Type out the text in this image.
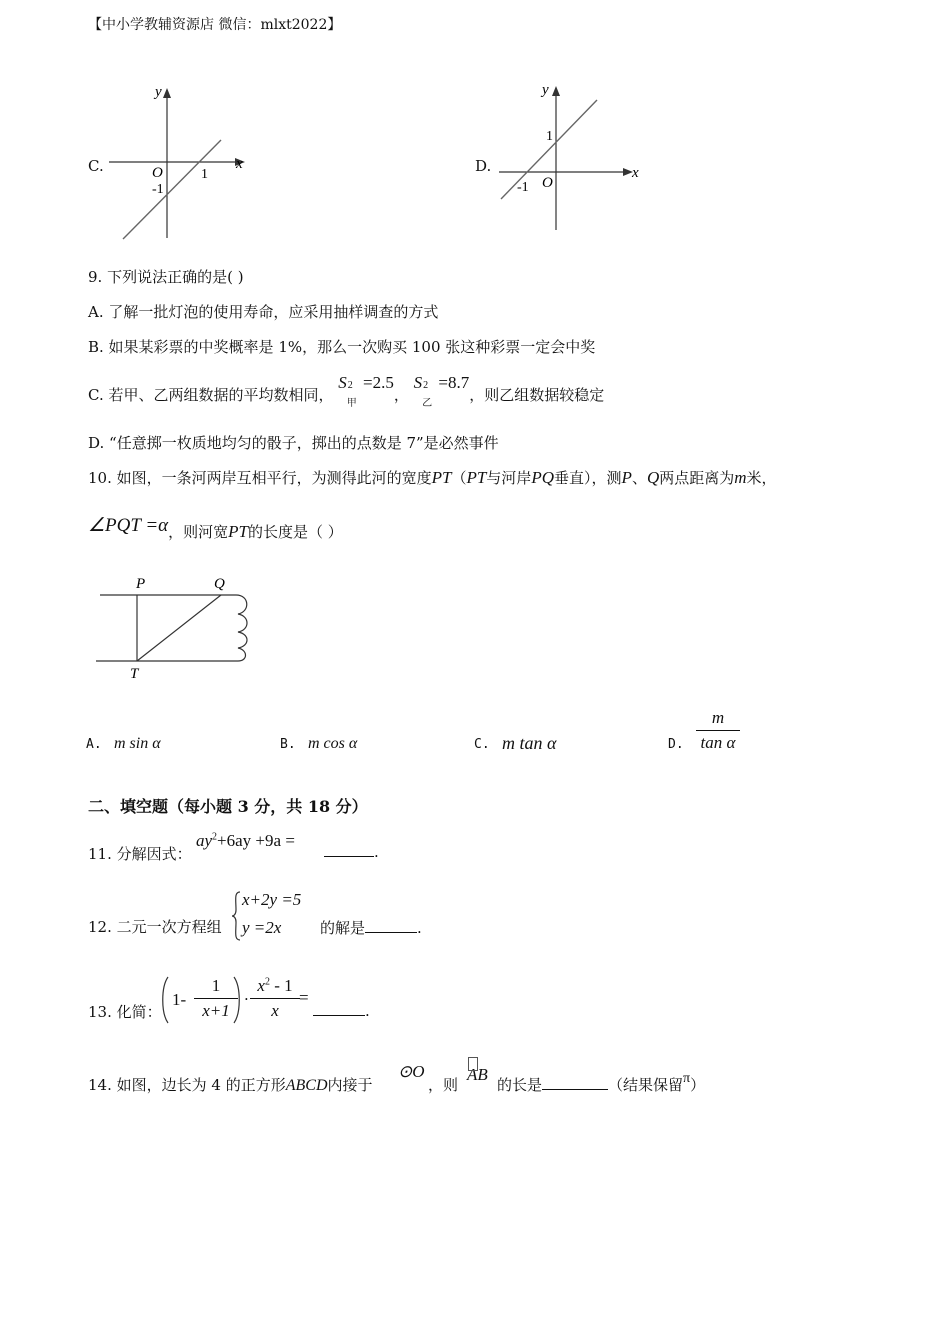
【中小学教辅资源店 微信：mlxt2022】
C.
y
x
O	1
-1
D.
y
x
1
-1 O
9. 下列说法正确的是( )
A. 了解一批灯泡的使用寿命，应采用抽样调查的方式
B. 如果某彩票的中奖概率是 1%，那么一次购买 100 张这种彩票一定会中奖
C. 若甲、乙两组数据的平均数相同， S 2
甲
=2.5， S 2
乙
=8.7，则乙组数据较稳定
D. “任意掷一枚质地均匀的骰子，掷出的点数是 7”是必然事件
10. 如图，一条河两岸互相平行，为测得此河的宽度PT（PT与河岸PQ垂直），测P、Q两点距离为m米，
∠PQT =α，则河宽PT的长度是（ ）
P	Q
T
A. m sin α	B. m cos α	C. m tan α	D. $\frac{m}{\text{tan α}}$
二、填空题（每小题 3 分，共 18 分）
11. 分解因式：
$ay^2+6ay +9a$ =
.
12. 二元一次方程组
x+2y =5
y =2x	的解是	.
13. 化简：
$1- \frac{1}{x+1} \cdot \frac{x^2 - 1}{x}$ =
.
14. 如图，边长为 4 的正方形ABCD内接于
⊙O
，则
AB
的长是	（结果保留π）
